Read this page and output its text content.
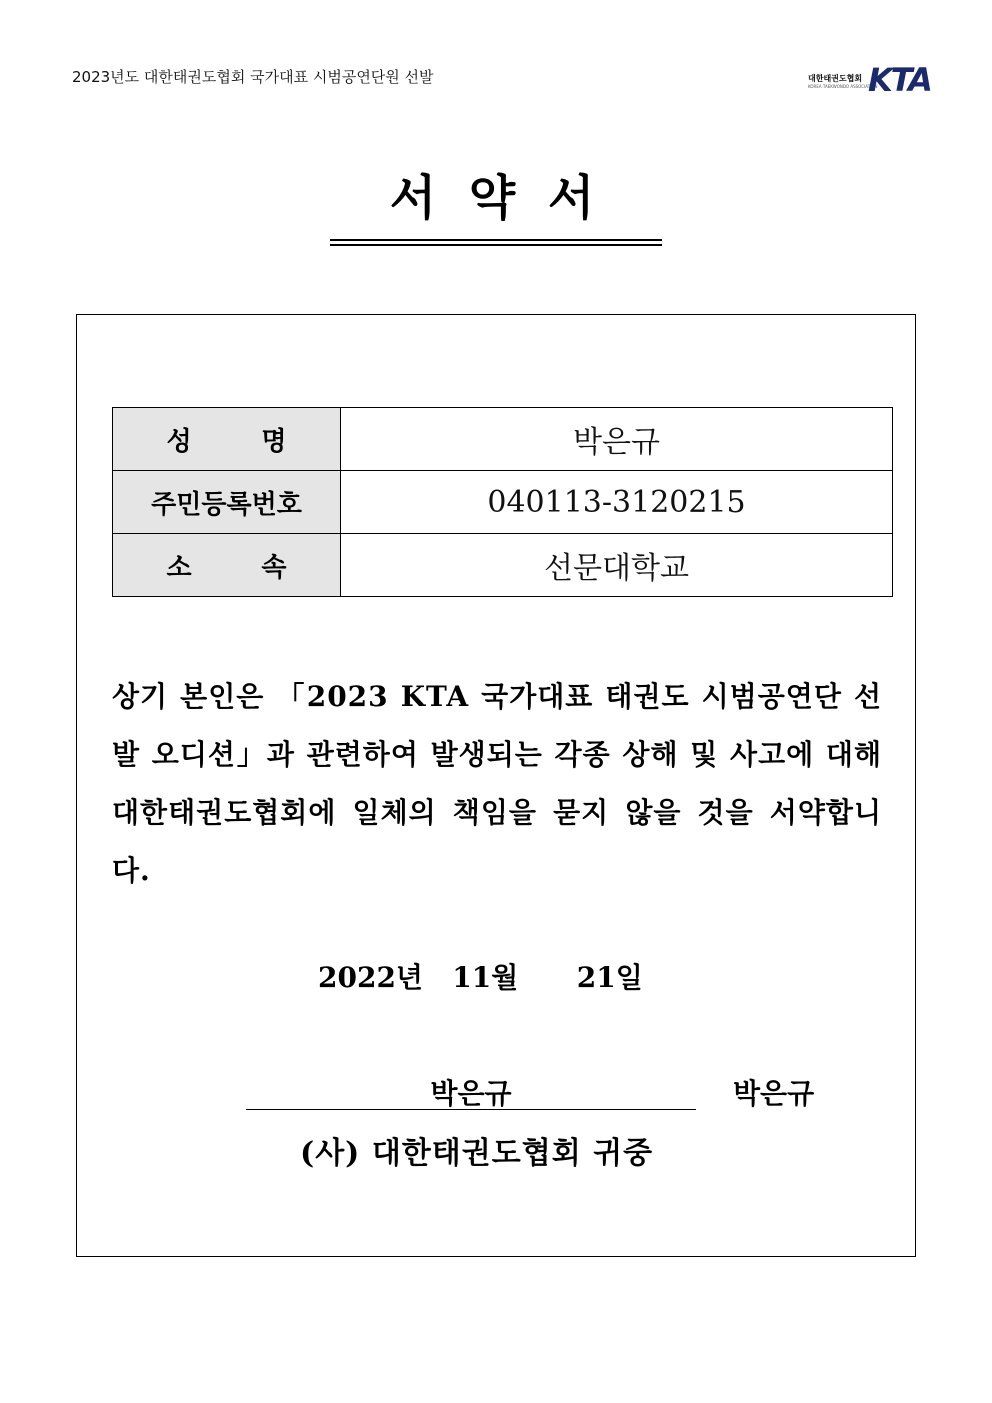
2023년도 대한태권도협회 국가대표 시범공연단원 선발	대한태권도협회
KOREA TAEKWONDO ASSOCIATION
KTA
서 약 서
성 명	박은규
주민등록번호	040113-3120215
소 속	선문대학교
상기 본인은 「2023 KTA 국가대표 태권도 시범공연단 선발 오디션」과 관련하여 발생되는 각종 상해 및 사고에 대해 대한태권도협회에 일체의 책임을 묻지 않을 것을 서약합니다.
2022년 11월 21일
박은규	박은규
(사) 대한태권도협회 귀중
